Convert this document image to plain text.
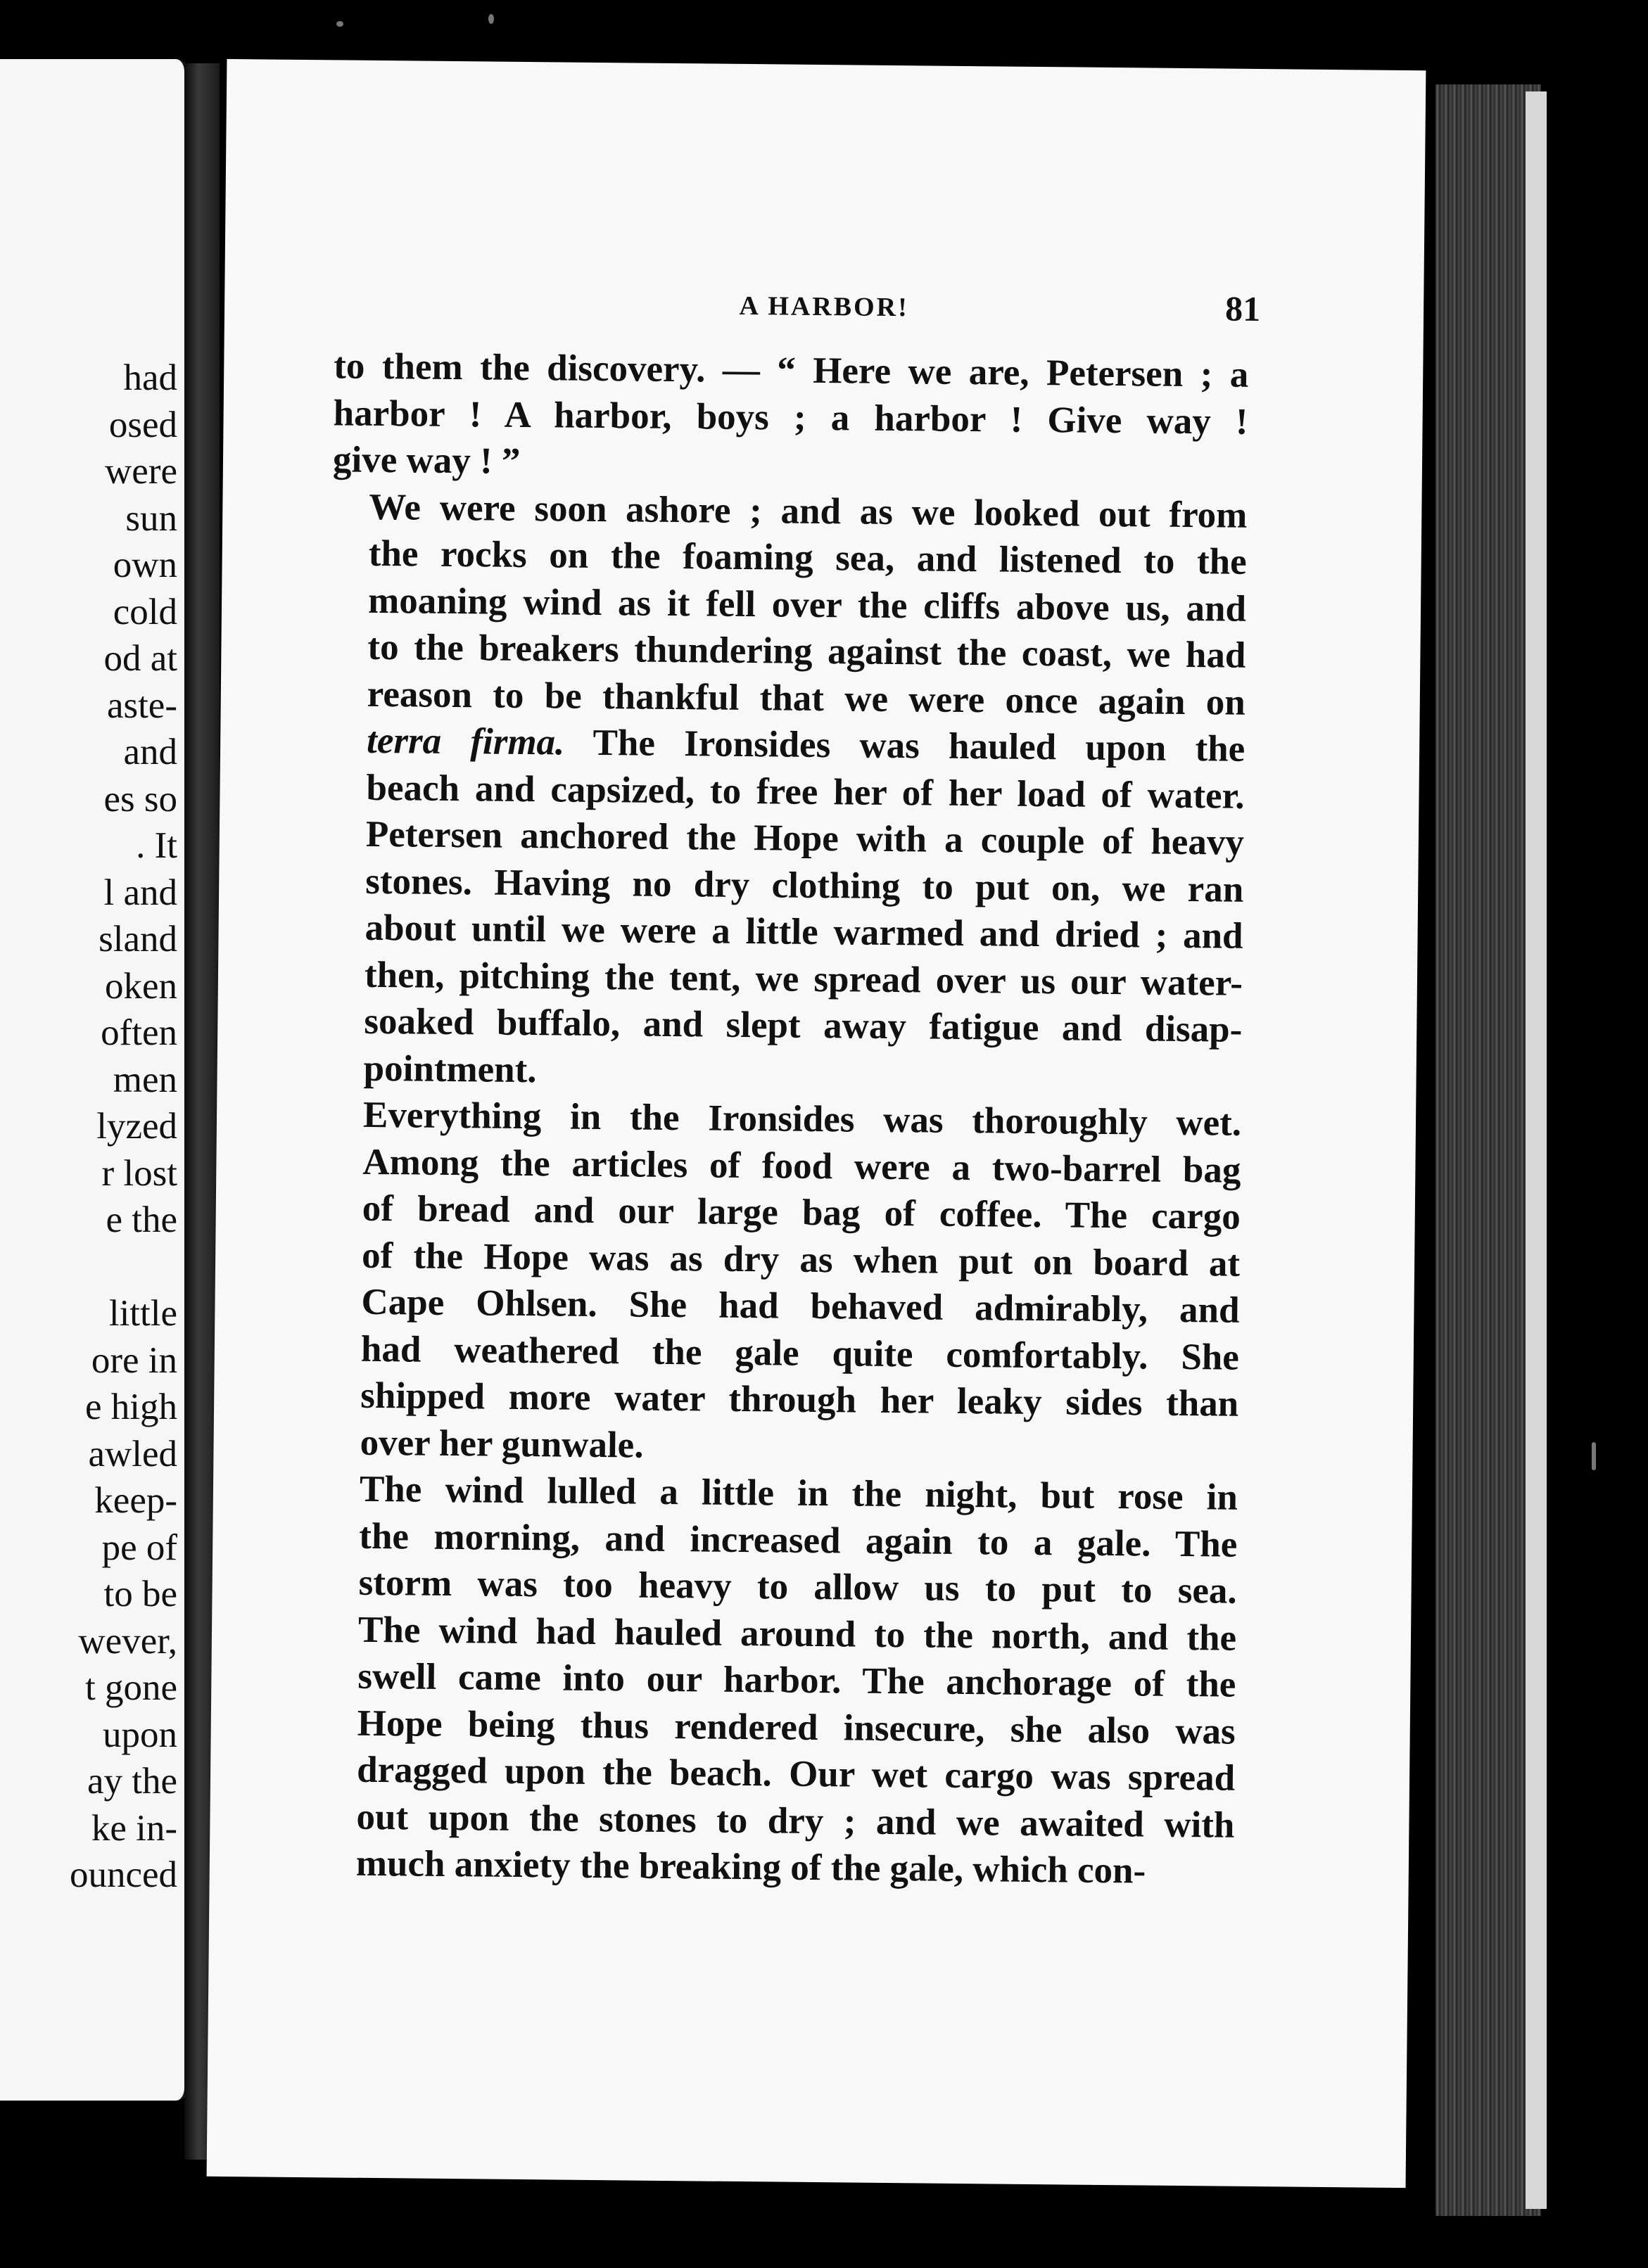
had
osed
were
sun
own
cold
od at
aste-
and
es so
. It
l and
sland
oken
often
men
lyzed
r lost
e the
little
ore in
e high
awled
keep-
pe of
to be
wever,
t gone
upon
ay the
ke in-
ounced
A HARBOR!	81

to them the discovery. — “ Here we are, Petersen ; a
harbor ! A harbor, boys ; a harbor ! Give way !
give way ! ”

We were soon ashore ; and as we looked out from
the rocks on the foaming sea, and listened to the
moaning wind as it fell over the cliffs above us, and
to the breakers thundering against the coast, we had
reason to be thankful that we were once again on
terra firma. The Ironsides was hauled upon the
beach and capsized, to free her of her load of water.
Petersen anchored the Hope with a couple of heavy
stones. Having no dry clothing to put on, we ran
about until we were a little warmed and dried ; and
then, pitching the tent, we spread over us our water-
soaked buffalo, and slept away fatigue and disap-
pointment.

Everything in the Ironsides was thoroughly wet.
Among the articles of food were a two-barrel bag
of bread and our large bag of coffee. The cargo
of the Hope was as dry as when put on board at
Cape Ohlsen. She had behaved admirably, and
had weathered the gale quite comfortably. She
shipped more water through her leaky sides than
over her gunwale.

The wind lulled a little in the night, but rose in
the morning, and increased again to a gale. The
storm was too heavy to allow us to put to sea.
The wind had hauled around to the north, and the
swell came into our harbor. The anchorage of the
Hope being thus rendered insecure, she also was
dragged upon the beach. Our wet cargo was spread
out upon the stones to dry ; and we awaited with
much anxiety the breaking of the gale, which con-
